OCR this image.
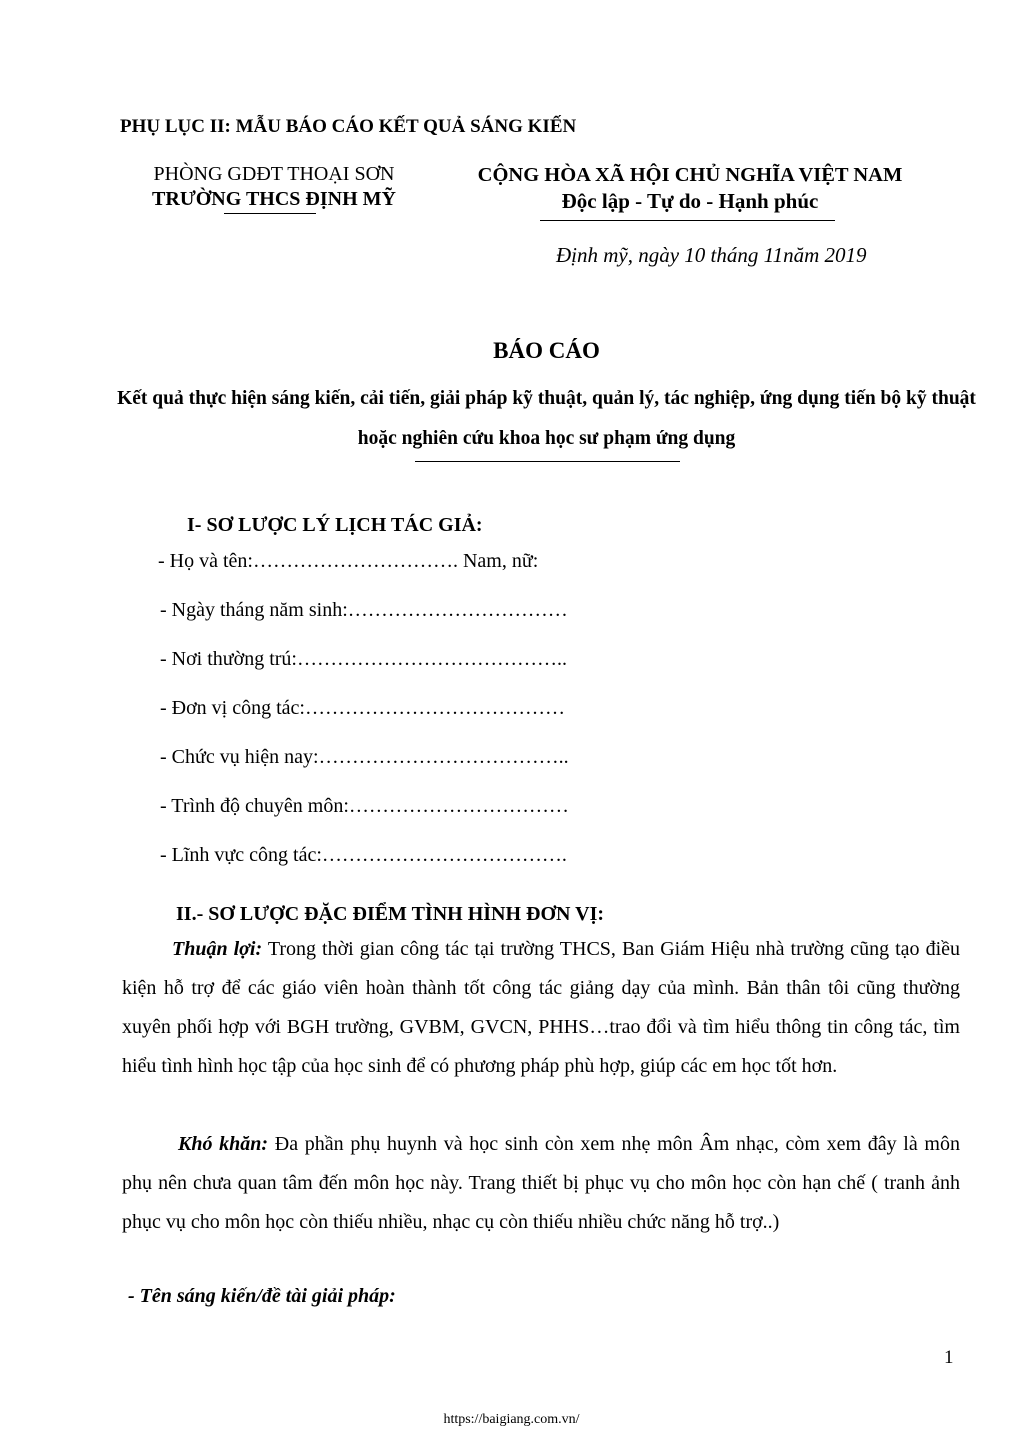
PHỤ LỤC II: MẪU BÁO CÁO KẾT QUẢ SÁNG KIẾN
PHÒNG GDĐT THOẠI SƠN
TRƯỜNG THCS ĐỊNH MỸ
CỘNG HÒA XÃ HỘI CHỦ NGHĨA VIỆT NAM
Độc lập - Tự do - Hạnh phúc
Định mỹ, ngày 10 tháng 11năm 2019
BÁO CÁO
Kết quả thực hiện sáng kiến, cải tiến, giải pháp kỹ thuật, quản lý, tác nghiệp, ứng dụng tiến bộ kỹ thuật hoặc nghiên cứu khoa học sư phạm ứng dụng
I- SƠ LƯỢC LÝ LỊCH TÁC GIẢ:
- Họ và tên:…………………………. Nam, nữ:
- Ngày tháng năm sinh:……………………………
- Nơi thường trú:…………………………………..
- Đơn vị công tác:…………………………………
- Chức vụ hiện nay:………………………………..
- Trình độ chuyên môn:……………………………
- Lĩnh vực công tác:……………………………….
II.- SƠ LƯỢC ĐẶC ĐIỂM TÌNH HÌNH ĐƠN VỊ:
Thuận lợi: Trong thời gian công tác tại trường THCS, Ban Giám Hiệu nhà trường cũng tạo điều kiện hỗ trợ để các giáo viên hoàn thành tốt công tác giảng dạy của mình. Bản thân tôi cũng thường xuyên phối hợp với BGH trường, GVBM, GVCN, PHHS…trao đổi và tìm hiểu thông tin công tác, tìm hiểu tình hình học tập của học sinh để có phương pháp phù hợp, giúp các em học tốt hơn.
Khó khăn: Đa phần phụ huynh và học sinh còn xem nhẹ môn Âm nhạc, còm xem đây là môn phụ nên chưa quan tâm đến môn học này. Trang thiết bị phục vụ cho môn học còn hạn chế ( tranh ảnh phục vụ cho môn học còn thiếu nhiều, nhạc cụ còn thiếu nhiều chức năng hỗ trợ..)
- Tên sáng kiến/đề tài giải pháp:
1
https://baigiang.com.vn/
